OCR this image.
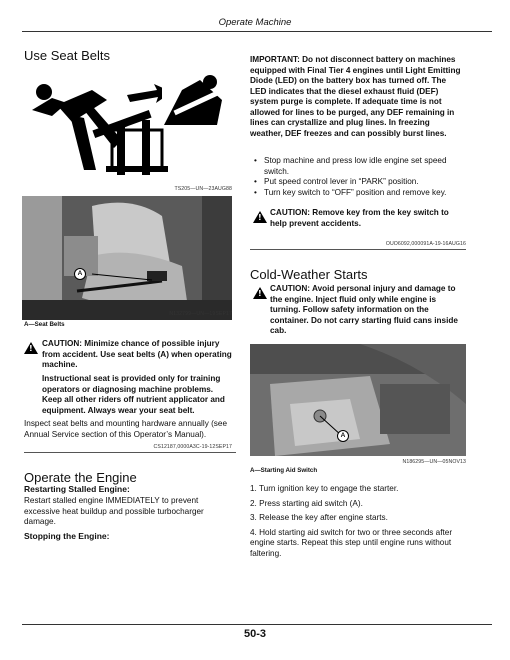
Operate Machine
Use Seat Belts
TS205—UN—23AUG88
A
N132799—UN—19SEP17
A—Seat Belts
!
CAUTION: Minimize chance of possible injury from accident. Use seat belts (A) when operating machine.
Instructional seat is provided only for training operators or diagnosing machine problems. Keep all other riders off nutrient applicator and equipment. Always wear your seat belt.
Inspect seat belts and mounting hardware annually (see Annual Service section of this Operator’s Manual).
CS12187,0000A3C-19-12SEP17
Operate the Engine
Restarting Stalled Engine:
Restart stalled engine IMMEDIATELY to prevent excessive heat buildup and possible turbocharger damage.
Stopping the Engine:
IMPORTANT: Do not disconnect battery on machines equipped with Final Tier 4 engines until Light Emitting Diode (LED) on the battery box has turned off. The LED indicates that the diesel exhaust fluid (DEF) system purge is complete. If adequate time is not allowed for lines to be purged, any DEF remaining in lines can crystallize and plug lines. In freezing weather, DEF freezes and can possibly burst lines.
• Stop machine and press low idle engine set speed switch.
• Put speed control lever in “PARK” position.
• Turn key switch to “OFF” position and remove key.
!
CAUTION: Remove key from the key switch to help prevent accidents.
OUO6092,000091A-19-16AUG16
Cold-Weather Starts
!
CAUTION: Avoid personal injury and damage to the engine. Inject fluid only while engine is turning. Follow safety information on the container. Do not carry starting fluid cans inside cab.
A
N186295—UN—05NOV13
A—Starting Aid Switch
1. Turn ignition key to engage the starter.
2. Press starting aid switch (A).
3. Release the key after engine starts.
4. Hold starting aid switch for two or three seconds after engine starts. Repeat this step until engine runs without faltering.
50-3
